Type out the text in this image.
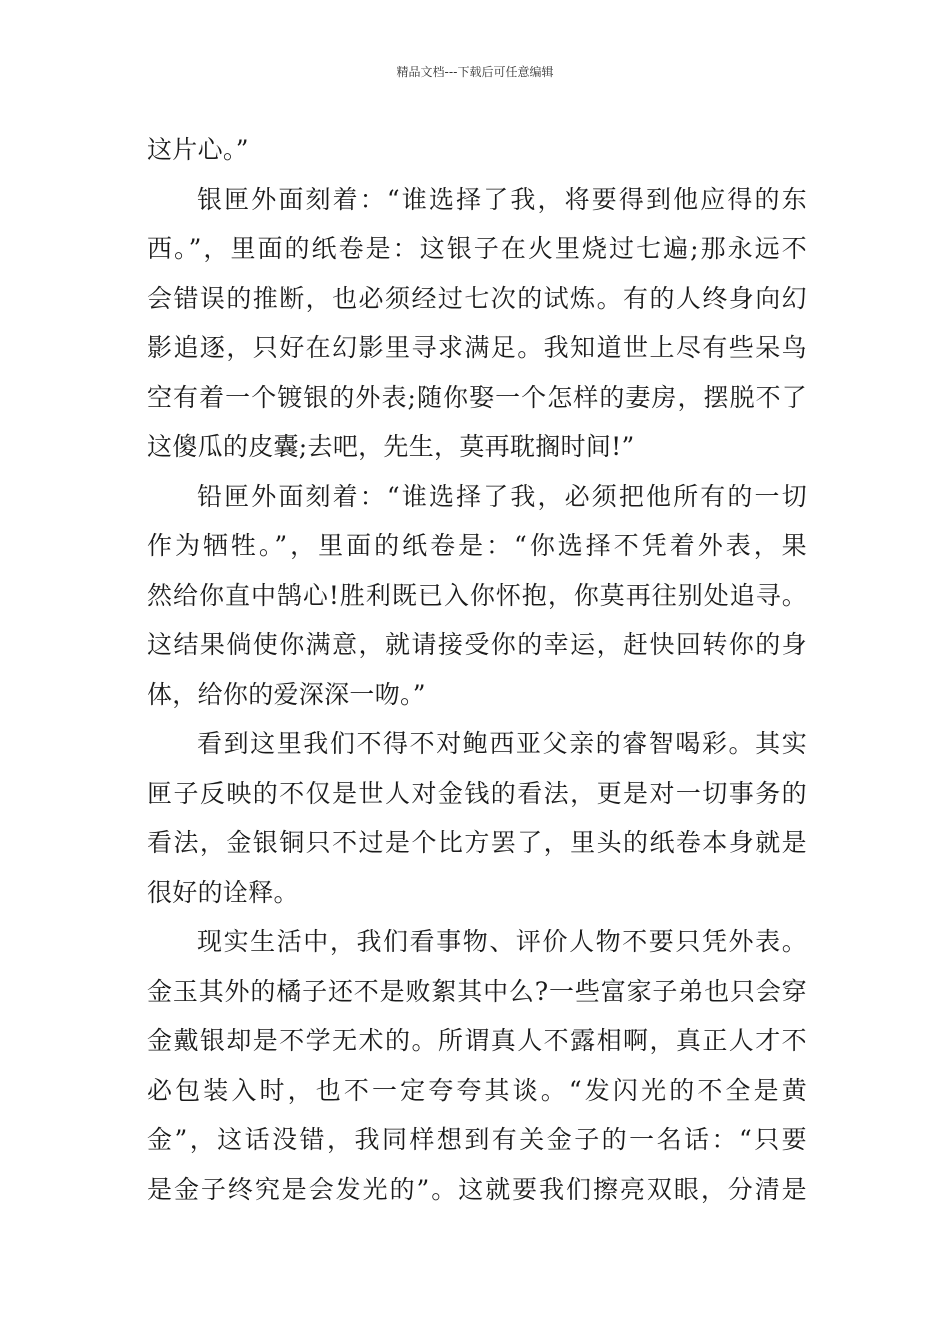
精品文档---下载后可任意编辑
这片心。”
银匣外面刻着：“谁选择了我，将要得到他应得的东
西。”，里面的纸卷是：这银子在火里烧过七遍;那永远不
会错误的推断，也必须经过七次的试炼。有的人终身向幻
影追逐，只好在幻影里寻求满足。我知道世上尽有些呆鸟
空有着一个镀银的外表;随你娶一个怎样的妻房，摆脱不了
这傻瓜的皮囊;去吧，先生，莫再耽搁时间!”
铅匣外面刻着：“谁选择了我，必须把他所有的一切
作为牺牲。”，里面的纸卷是：“你选择不凭着外表，果
然给你直中鹄心!胜利既已入你怀抱，你莫再往别处追寻。
这结果倘使你满意，就请接受你的幸运，赶快回转你的身
体，给你的爱深深一吻。”
看到这里我们不得不对鲍西亚父亲的睿智喝彩。其实
匣子反映的不仅是世人对金钱的看法，更是对一切事务的
看法，金银铜只不过是个比方罢了，里头的纸卷本身就是
很好的诠释。
现实生活中，我们看事物、评价人物不要只凭外表。
金玉其外的橘子还不是败絮其中么?一些富家子弟也只会穿
金戴银却是不学无术的。所谓真人不露相啊，真正人才不
必包装入时，也不一定夸夸其谈。“发闪光的不全是黄
金”，这话没错，我同样想到有关金子的一名话：“只要
是金子终究是会发光的”。这就要我们擦亮双眼，分清是
